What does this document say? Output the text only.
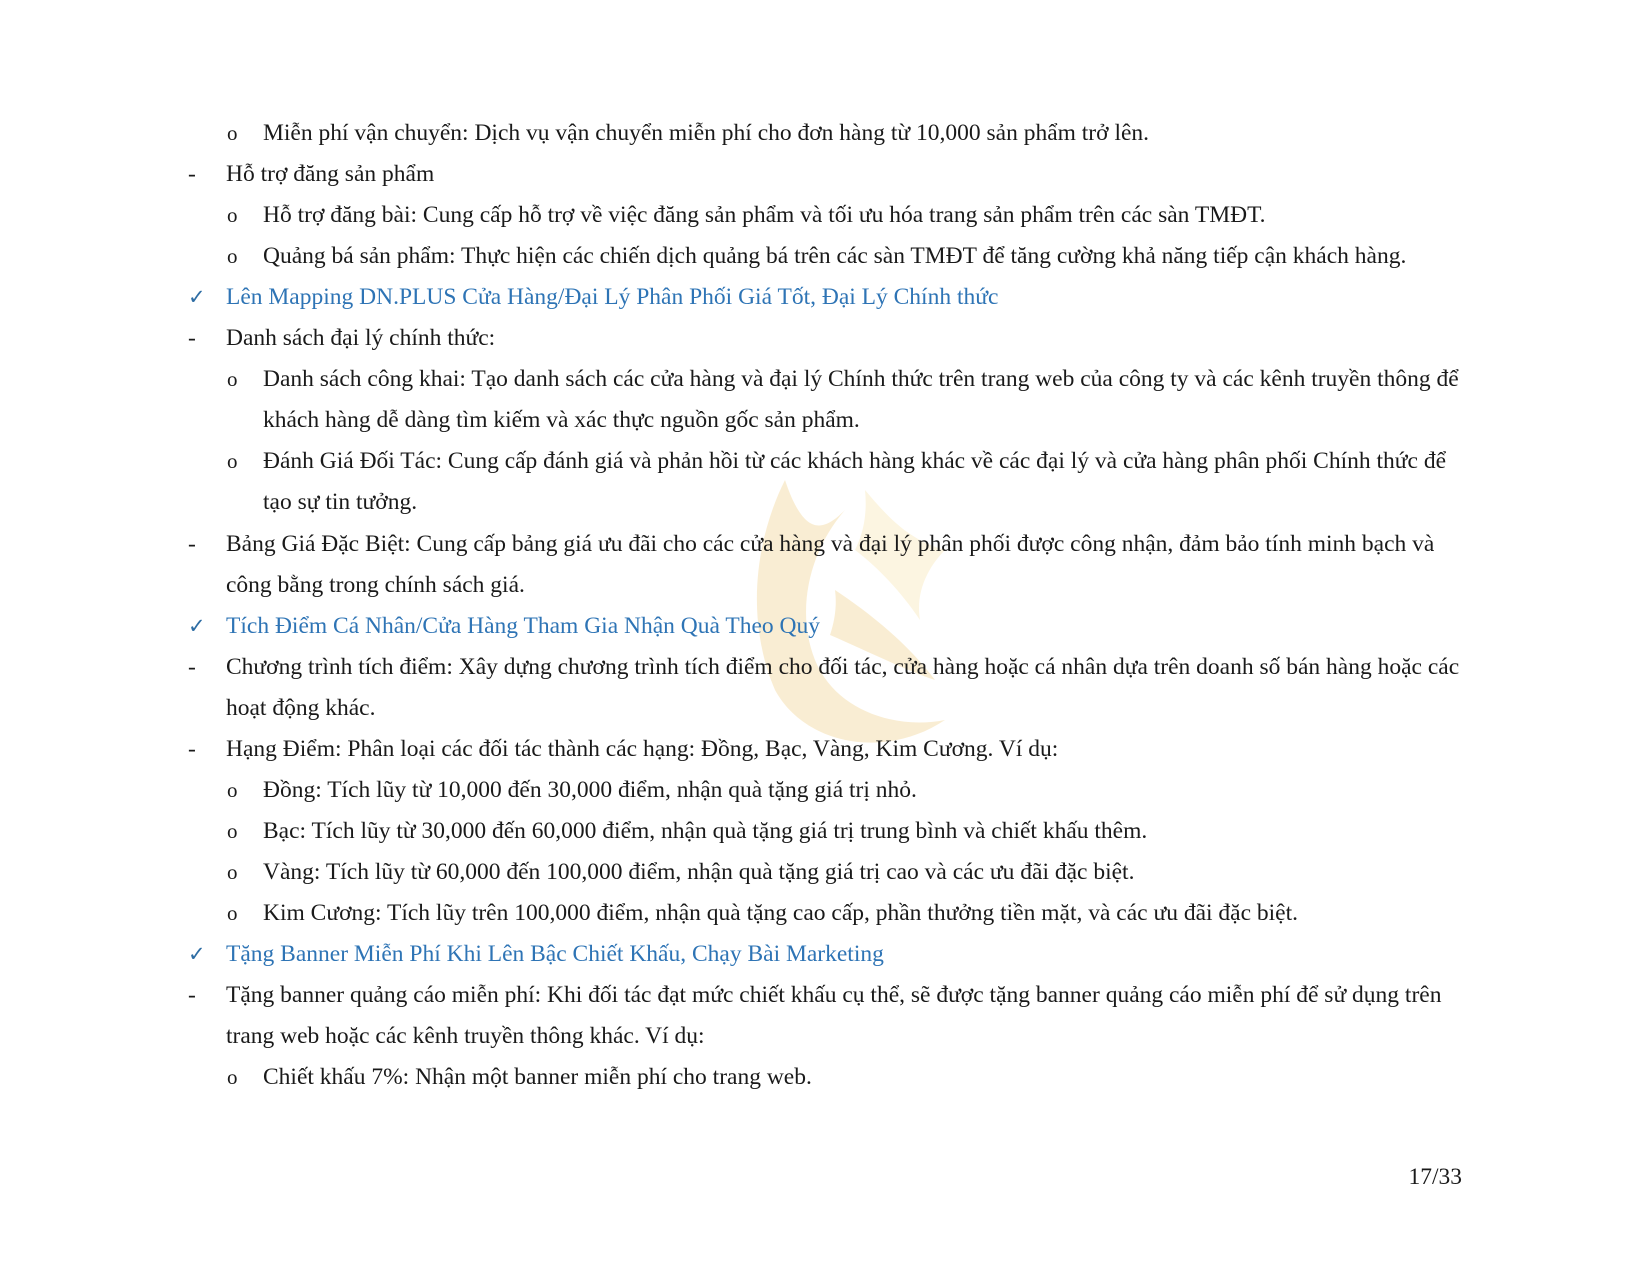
o Miễn phí vận chuyển: Dịch vụ vận chuyển miễn phí cho đơn hàng từ 10,000 sản phẩm trở lên.
- Hỗ trợ đăng sản phẩm
o Hỗ trợ đăng bài: Cung cấp hỗ trợ về việc đăng sản phẩm và tối ưu hóa trang sản phẩm trên các sàn TMĐT.
o Quảng bá sản phẩm: Thực hiện các chiến dịch quảng bá trên các sàn TMĐT để tăng cường khả năng tiếp cận khách hàng.
✓ Lên Mapping DN.PLUS Cửa Hàng/Đại Lý Phân Phối Giá Tốt, Đại Lý Chính thức
- Danh sách đại lý chính thức:
o Danh sách công khai: Tạo danh sách các cửa hàng và đại lý Chính thức trên trang web của công ty và các kênh truyền thông để
khách hàng dễ dàng tìm kiếm và xác thực nguồn gốc sản phẩm.
o Đánh Giá Đối Tác: Cung cấp đánh giá và phản hồi từ các khách hàng khác về các đại lý và cửa hàng phân phối Chính thức để
tạo sự tin tưởng.
- Bảng Giá Đặc Biệt: Cung cấp bảng giá ưu đãi cho các cửa hàng và đại lý phân phối được công nhận, đảm bảo tính minh bạch và
công bằng trong chính sách giá.
✓ Tích Điểm Cá Nhân/Cửa Hàng Tham Gia Nhận Quà Theo Quý
- Chương trình tích điểm: Xây dựng chương trình tích điểm cho đối tác, cửa hàng hoặc cá nhân dựa trên doanh số bán hàng hoặc các
hoạt động khác.
- Hạng Điểm: Phân loại các đối tác thành các hạng: Đồng, Bạc, Vàng, Kim Cương. Ví dụ:
o Đồng: Tích lũy từ 10,000 đến 30,000 điểm, nhận quà tặng giá trị nhỏ.
o Bạc: Tích lũy từ 30,000 đến 60,000 điểm, nhận quà tặng giá trị trung bình và chiết khấu thêm.
o Vàng: Tích lũy từ 60,000 đến 100,000 điểm, nhận quà tặng giá trị cao và các ưu đãi đặc biệt.
o Kim Cương: Tích lũy trên 100,000 điểm, nhận quà tặng cao cấp, phần thưởng tiền mặt, và các ưu đãi đặc biệt.
✓ Tặng Banner Miễn Phí Khi Lên Bậc Chiết Khấu, Chạy Bài Marketing
- Tặng banner quảng cáo miễn phí: Khi đối tác đạt mức chiết khấu cụ thể, sẽ được tặng banner quảng cáo miễn phí để sử dụng trên
trang web hoặc các kênh truyền thông khác. Ví dụ:
o Chiết khấu 7%: Nhận một banner miễn phí cho trang web.
17/33
